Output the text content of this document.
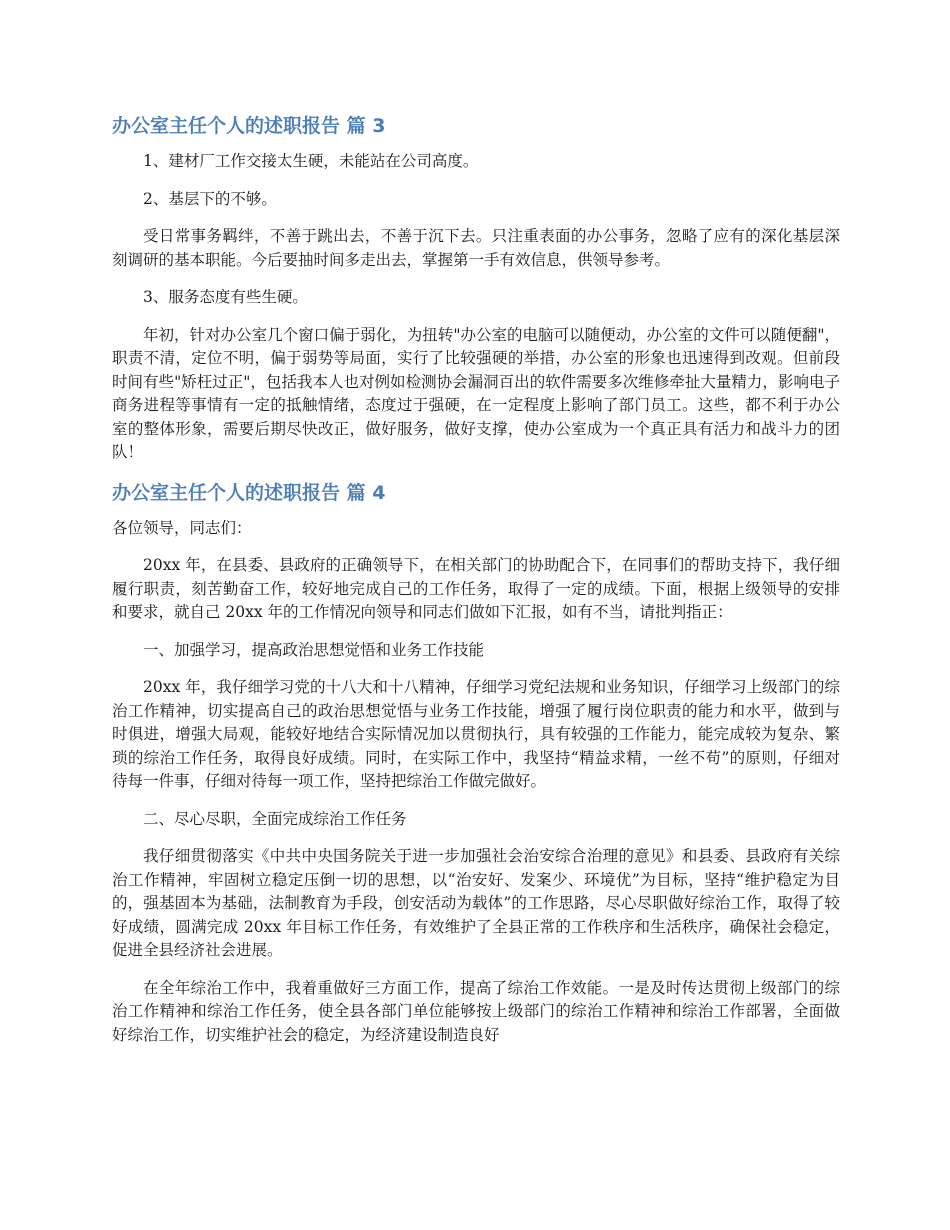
办公室主任个人的述职报告 篇 3

1、建材厂工作交接太生硬，未能站在公司高度。

2、基层下的不够。

受日常事务羁绊，不善于跳出去，不善于沉下去。只注重表面的办公事务，忽略了应有的深化基层深刻调研的基本职能。今后要抽时间多走出去，掌握第一手有效信息，供领导参考。

3、服务态度有些生硬。

年初，针对办公室几个窗口偏于弱化，为扭转"办公室的电脑可以随便动，办公室的文件可以随便翻"，职责不清，定位不明，偏于弱势等局面，实行了比较强硬的举措，办公室的形象也迅速得到改观。但前段时间有些"矫枉过正"，包括我本人也对例如检测协会漏洞百出的软件需要多次维修牵扯大量精力，影响电子商务进程等事情有一定的抵触情绪，态度过于强硬，在一定程度上影响了部门员工。这些，都不利于办公室的整体形象，需要后期尽快改正，做好服务，做好支撑，使办公室成为一个真正具有活力和战斗力的团队！

办公室主任个人的述职报告 篇 4

各位领导，同志们：

20xx 年，在县委、县政府的正确领导下，在相关部门的协助配合下，在同事们的帮助支持下，我仔细履行职责，刻苦勤奋工作，较好地完成自己的工作任务，取得了一定的成绩。下面，根据上级领导的安排和要求，就自己 20xx 年的工作情况向领导和同志们做如下汇报，如有不当，请批判指正：

一、加强学习，提高政治思想觉悟和业务工作技能

20xx 年，我仔细学习党的十八大和十八精神，仔细学习党纪法规和业务知识，仔细学习上级部门的综治工作精神，切实提高自己的政治思想觉悟与业务工作技能，增强了履行岗位职责的能力和水平，做到与时俱进，增强大局观，能较好地结合实际情况加以贯彻执行，具有较强的工作能力，能完成较为复杂、繁琐的综治工作任务，取得良好成绩。同时，在实际工作中，我坚持“精益求精，一丝不苟”的原则，仔细对待每一件事，仔细对待每一项工作，坚持把综治工作做完做好。

二、尽心尽职，全面完成综治工作任务

我仔细贯彻落实《中共中央国务院关于进一步加强社会治安综合治理的意见》和县委、县政府有关综治工作精神，牢固树立稳定压倒一切的思想，以“治安好、发案少、环境优”为目标，坚持“维护稳定为目的，强基固本为基础，法制教育为手段，创安活动为载体”的工作思路，尽心尽职做好综治工作，取得了较好成绩，圆满完成 20xx 年目标工作任务，有效维护了全县正常的工作秩序和生活秩序，确保社会稳定，促进全县经济社会进展。

在全年综治工作中，我着重做好三方面工作，提高了综治工作效能。一是及时传达贯彻上级部门的综治工作精神和综治工作任务，使全县各部门单位能够按上级部门的综治工作精神和综治工作部署，全面做好综治工作，切实维护社会的稳定，为经济建设制造良好
